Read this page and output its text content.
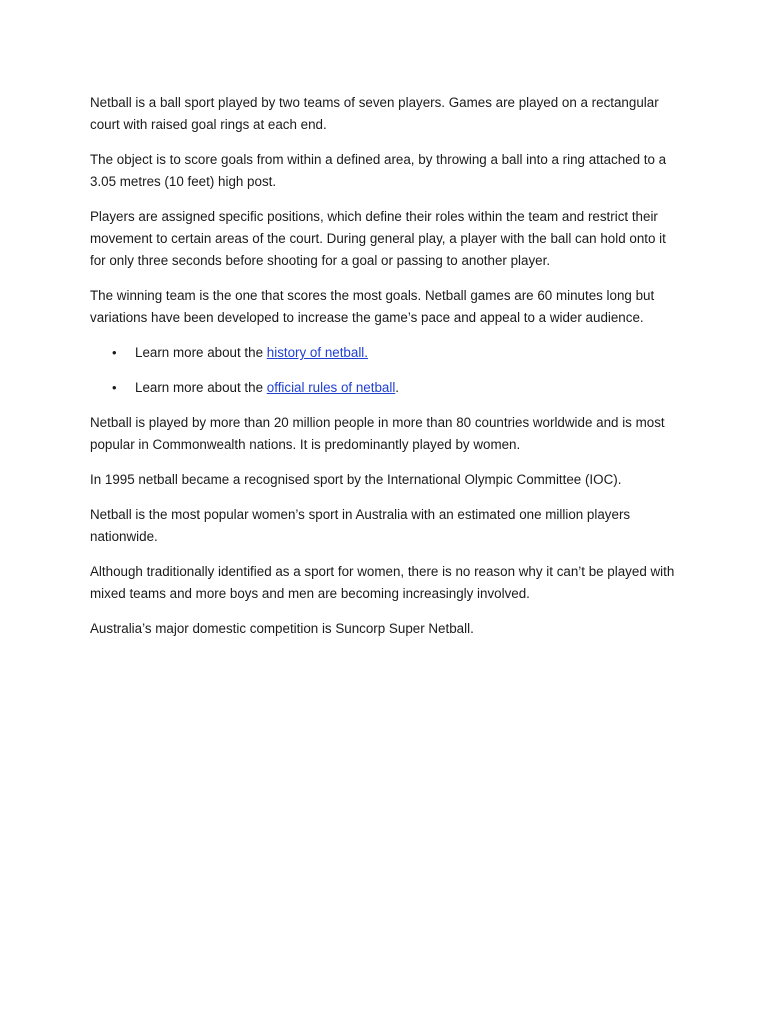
Netball is a ball sport played by two teams of seven players. Games are played on a rectangular court with raised goal rings at each end.

The object is to score goals from within a defined area, by throwing a ball into a ring attached to a 3.05 metres (10 feet) high post.

Players are assigned specific positions, which define their roles within the team and restrict their movement to certain areas of the court. During general play, a player with the ball can hold onto it for only three seconds before shooting for a goal or passing to another player.

The winning team is the one that scores the most goals. Netball games are 60 minutes long but variations have been developed to increase the game’s pace and appeal to a wider audience.

• Learn more about the history of netball.
• Learn more about the official rules of netball.

Netball is played by more than 20 million people in more than 80 countries worldwide and is most popular in Commonwealth nations. It is predominantly played by women.

In 1995 netball became a recognised sport by the International Olympic Committee (IOC).

Netball is the most popular women’s sport in Australia with an estimated one million players nationwide.

Although traditionally identified as a sport for women, there is no reason why it can’t be played with mixed teams and more boys and men are becoming increasingly involved.

Australia’s major domestic competition is Suncorp Super Netball.
